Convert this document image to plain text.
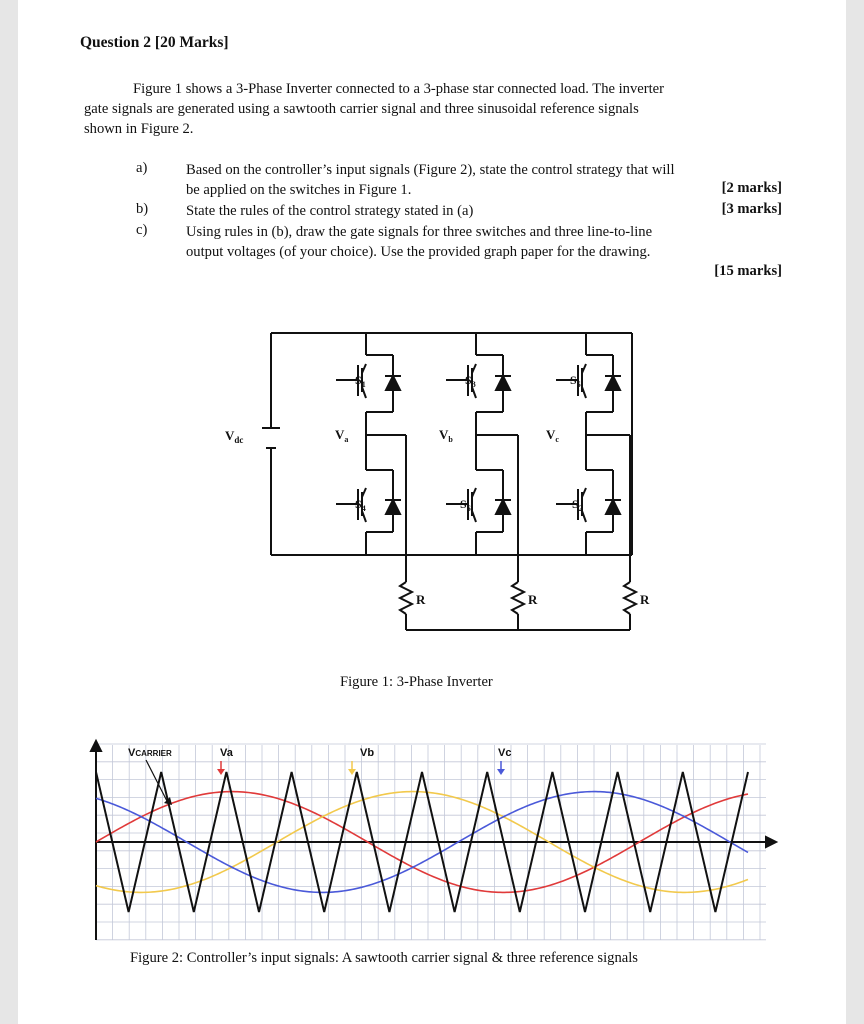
Question 2 [20 Marks]
Figure 1 shows a 3-Phase Inverter connected to a 3-phase star connected load. The inverter
gate signals are generated using a sawtooth carrier signal and three sinusoidal reference signals
shown in Figure 2.
a)	Based on the controller’s input signals (Figure 2), state the control strategy that will
be applied on the switches in Figure 1.	[2 marks]
b)	State the rules of the control strategy stated in (a)	[3 marks]
c)	Using rules in (b), draw the gate signals for three switches and three line-to-line
output voltages (of your choice). Use the provided graph paper for the drawing.
[15 marks]
$V_{dc}$
$S_1$	$S_3$	$S_5$
$S_4$	$S_6$	$S_2$
$V_a$	$V_b$	$V_c$
R	R	R
Figure 1: 3-Phase Inverter
VCARRIER	Va	Vb	Vc
Figure 2: Controller’s input signals: A sawtooth carrier signal & three reference signals
